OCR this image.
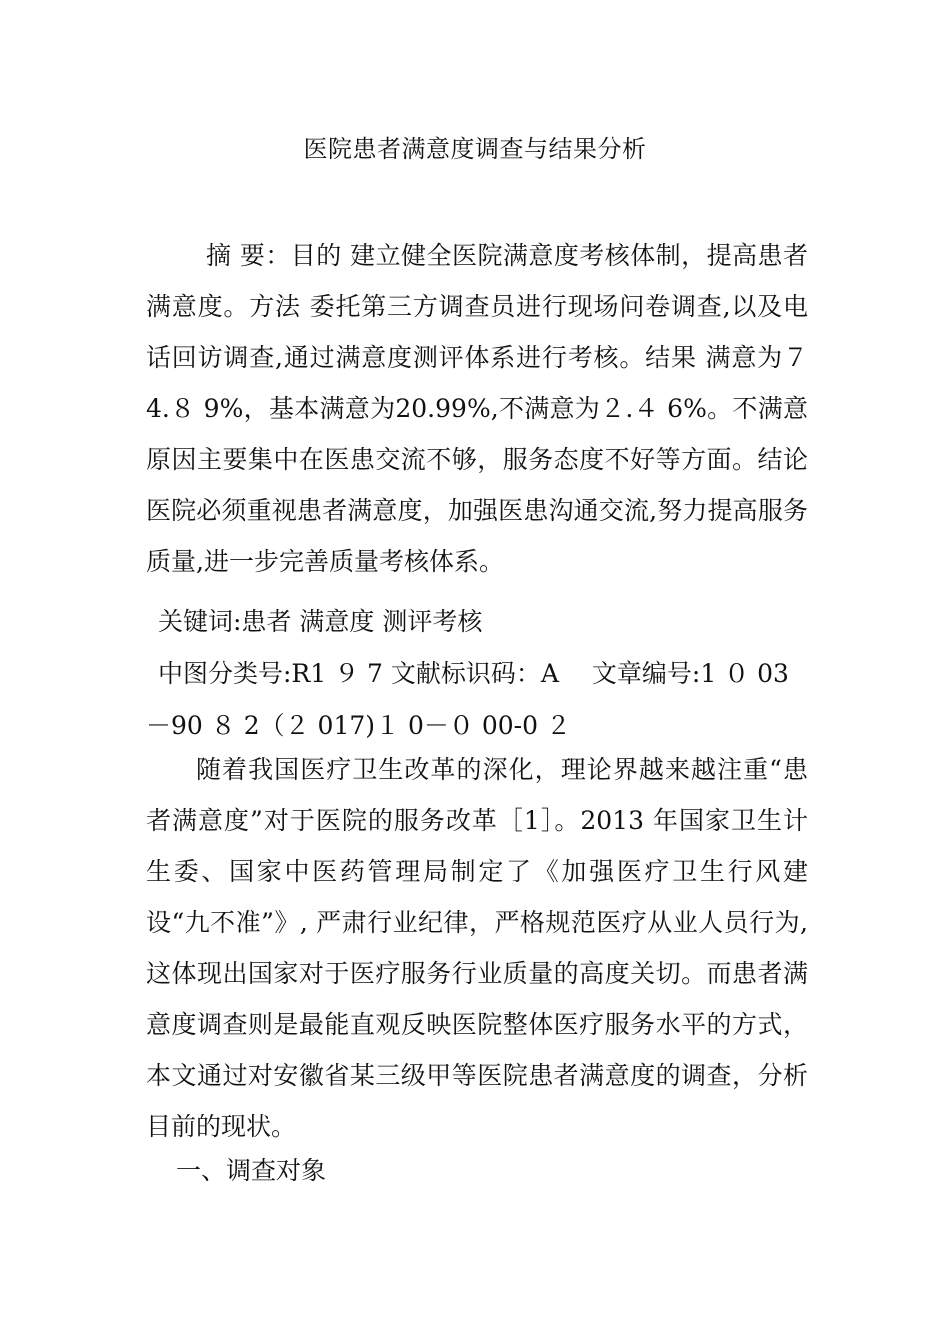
医院患者满意度调查与结果分析
摘 要：目的 建立健全医院满意度考核体制，提高患者满意度。方法 委托第三方调查员进行现场问卷调查,以及电话回访调查,通过满意度测评体系进行考核。结果 满意为７4.８ 9%，基本满意为20.99%,不满意为２.４ 6%。不满意原因主要集中在医患交流不够，服务态度不好等方面。结论 医院必须重视患者满意度，加强医患沟通交流,努力提高服务质量,进一步完善质量考核体系。
关键词:患者 满意度 测评考核
中图分类号:R1 ９ 7 文献标识码：A　 文章编号:1 ０ 03－90 ８ 2（２ 017)１ 0－０ 00-0 ２
随着我国医疗卫生改革的深化，理论界越来越注重“患者满意度”对于医院的服务改革［1］。2013 年国家卫生计生委、国家中医药管理局制定了《加强医疗卫生行风建设“九不准”》, 严肃行业纪律，严格规范医疗从业人员行为,这体现出国家对于医疗服务行业质量的高度关切。而患者满意度调查则是最能直观反映医院整体医疗服务水平的方式，本文通过对安徽省某三级甲等医院患者满意度的调查，分析目前的现状。
一、调查对象
